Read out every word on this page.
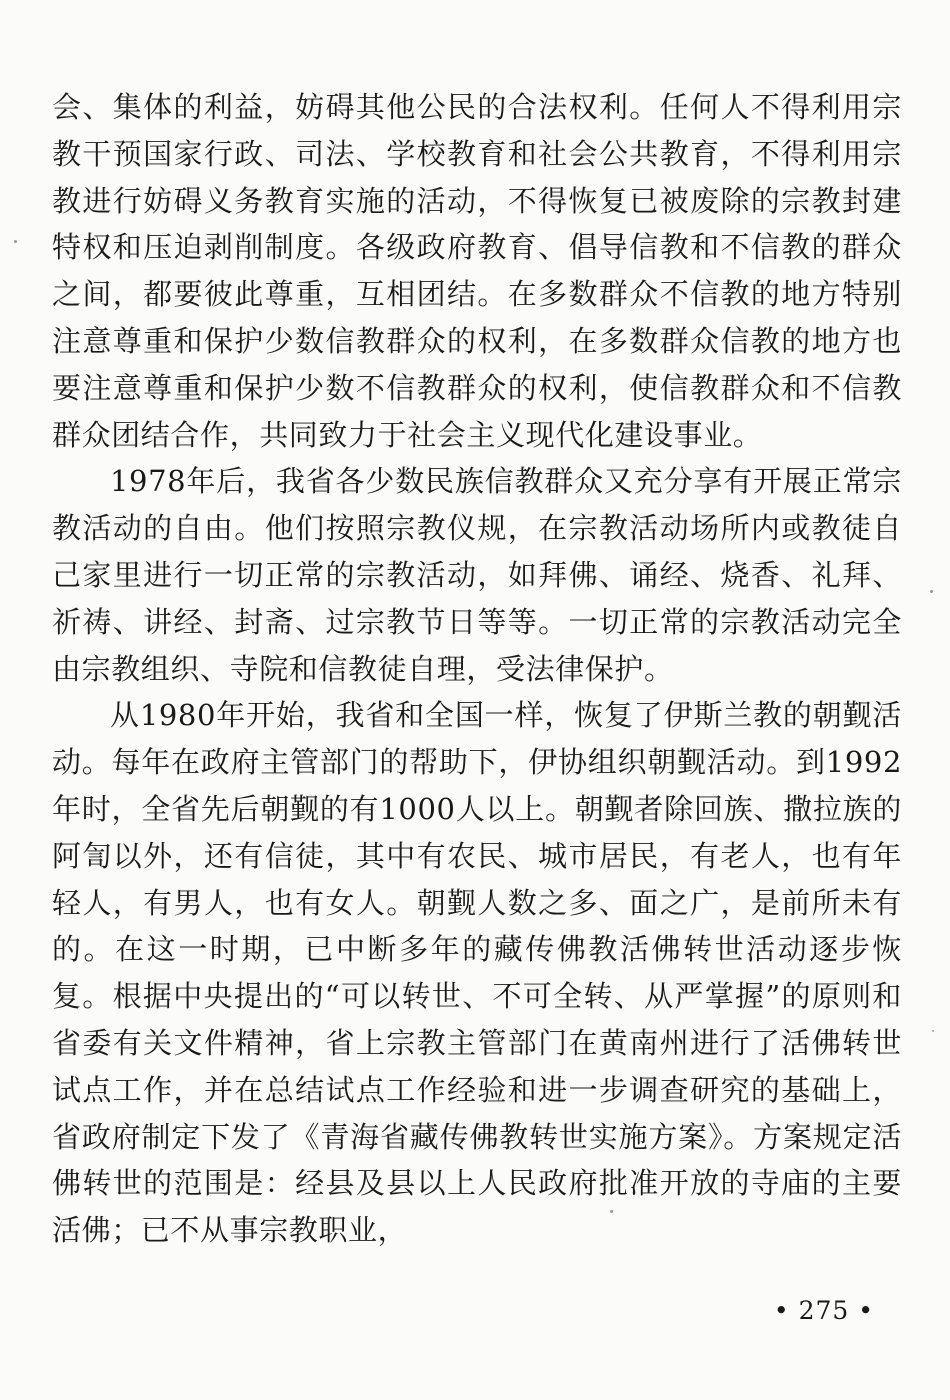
会、集体的利益，妨碍其他公民的合法权利。任何人不得利用宗教干预国家行政、司法、学校教育和社会公共教育，不得利用宗教进行妨碍义务教育实施的活动，不得恢复已被废除的宗教封建特权和压迫剥削制度。各级政府教育、倡导信教和不信教的群众之间，都要彼此尊重，互相团结。在多数群众不信教的地方特别注意尊重和保护少数信教群众的权利，在多数群众信教的地方也要注意尊重和保护少数不信教群众的权利，使信教群众和不信教群众团结合作，共同致力于社会主义现代化建设事业。

1978年后，我省各少数民族信教群众又充分享有开展正常宗教活动的自由。他们按照宗教仪规，在宗教活动场所内或教徒自己家里进行一切正常的宗教活动，如拜佛、诵经、烧香、礼拜、祈祷、讲经、封斋、过宗教节日等等。一切正常的宗教活动完全由宗教组织、寺院和信教徒自理，受法律保护。

从1980年开始，我省和全国一样，恢复了伊斯兰教的朝觐活动。每年在政府主管部门的帮助下，伊协组织朝觐活动。到1992年时，全省先后朝觐的有1000人以上。朝觐者除回族、撒拉族的阿訇以外，还有信徒，其中有农民、城市居民，有老人，也有年轻人，有男人，也有女人。朝觐人数之多、面之广，是前所未有的。在这一时期，已中断多年的藏传佛教活佛转世活动逐步恢复。根据中央提出的“可以转世、不可全转、从严掌握”的原则和省委有关文件精神，省上宗教主管部门在黄南州进行了活佛转世试点工作，并在总结试点工作经验和进一步调查研究的基础上，省政府制定下发了《青海省藏传佛教转世实施方案》。方案规定活佛转世的范围是：经县及县以上人民政府批准开放的寺庙的主要活佛；已不从事宗教职业，

• 275 •
